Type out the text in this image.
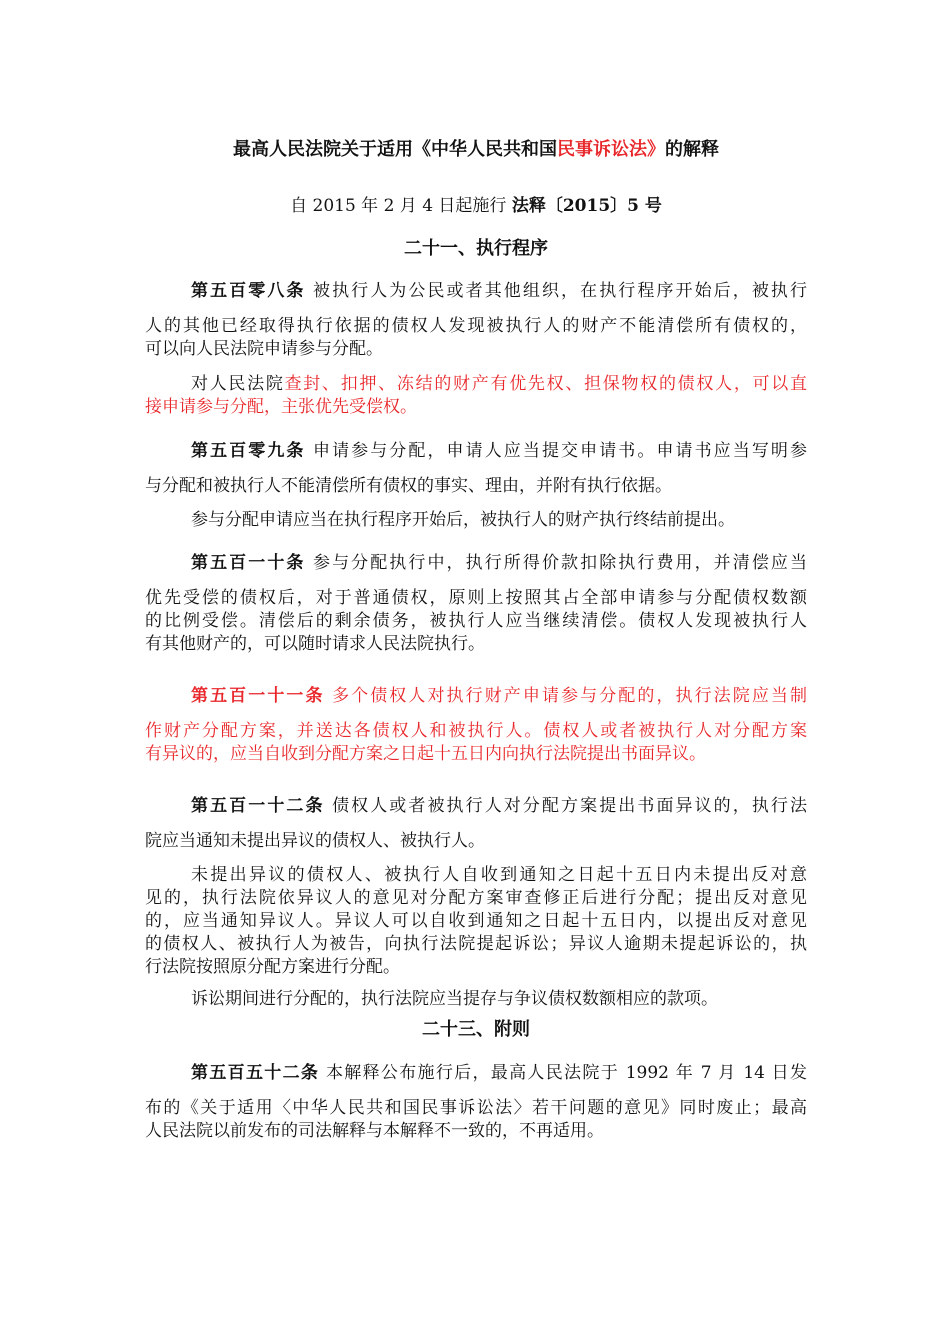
最高人民法院关于适用《中华人民共和国民事诉讼法》的解释
自 2015 年 2 月 4 日起施行 法释〔2015〕5 号
二十一、执行程序
第五百零八条 被执行人为公民或者其他组织，在执行程序开始后，被执行
人的其他已经取得执行依据的债权人发现被执行人的财产不能清偿所有债权的，
可以向人民法院申请参与分配。
对人民法院查封、扣押、冻结的财产有优先权、担保物权的债权人，可以直
接申请参与分配，主张优先受偿权。
第五百零九条 申请参与分配，申请人应当提交申请书。申请书应当写明参
与分配和被执行人不能清偿所有债权的事实、理由，并附有执行依据。
参与分配申请应当在执行程序开始后，被执行人的财产执行终结前提出。
第五百一十条 参与分配执行中，执行所得价款扣除执行费用，并清偿应当
优先受偿的债权后，对于普通债权，原则上按照其占全部申请参与分配债权数额
的比例受偿。清偿后的剩余债务，被执行人应当继续清偿。债权人发现被执行人
有其他财产的，可以随时请求人民法院执行。
第五百一十一条 多个债权人对执行财产申请参与分配的，执行法院应当制
作财产分配方案，并送达各债权人和被执行人。债权人或者被执行人对分配方案
有异议的，应当自收到分配方案之日起十五日内向执行法院提出书面异议。
第五百一十二条 债权人或者被执行人对分配方案提出书面异议的，执行法
院应当通知未提出异议的债权人、被执行人。
未提出异议的债权人、被执行人自收到通知之日起十五日内未提出反对意
见的，执行法院依异议人的意见对分配方案审查修正后进行分配；提出反对意见
的，应当通知异议人。异议人可以自收到通知之日起十五日内，以提出反对意见
的债权人、被执行人为被告，向执行法院提起诉讼；异议人逾期未提起诉讼的，执
行法院按照原分配方案进行分配。
诉讼期间进行分配的，执行法院应当提存与争议债权数额相应的款项。
二十三、附则
第五百五十二条 本解释公布施行后，最高人民法院于 1992 年 7 月 14 日发
布的《关于适用〈中华人民共和国民事诉讼法〉若干问题的意见》同时废止；最高
人民法院以前发布的司法解释与本解释不一致的，不再适用。
